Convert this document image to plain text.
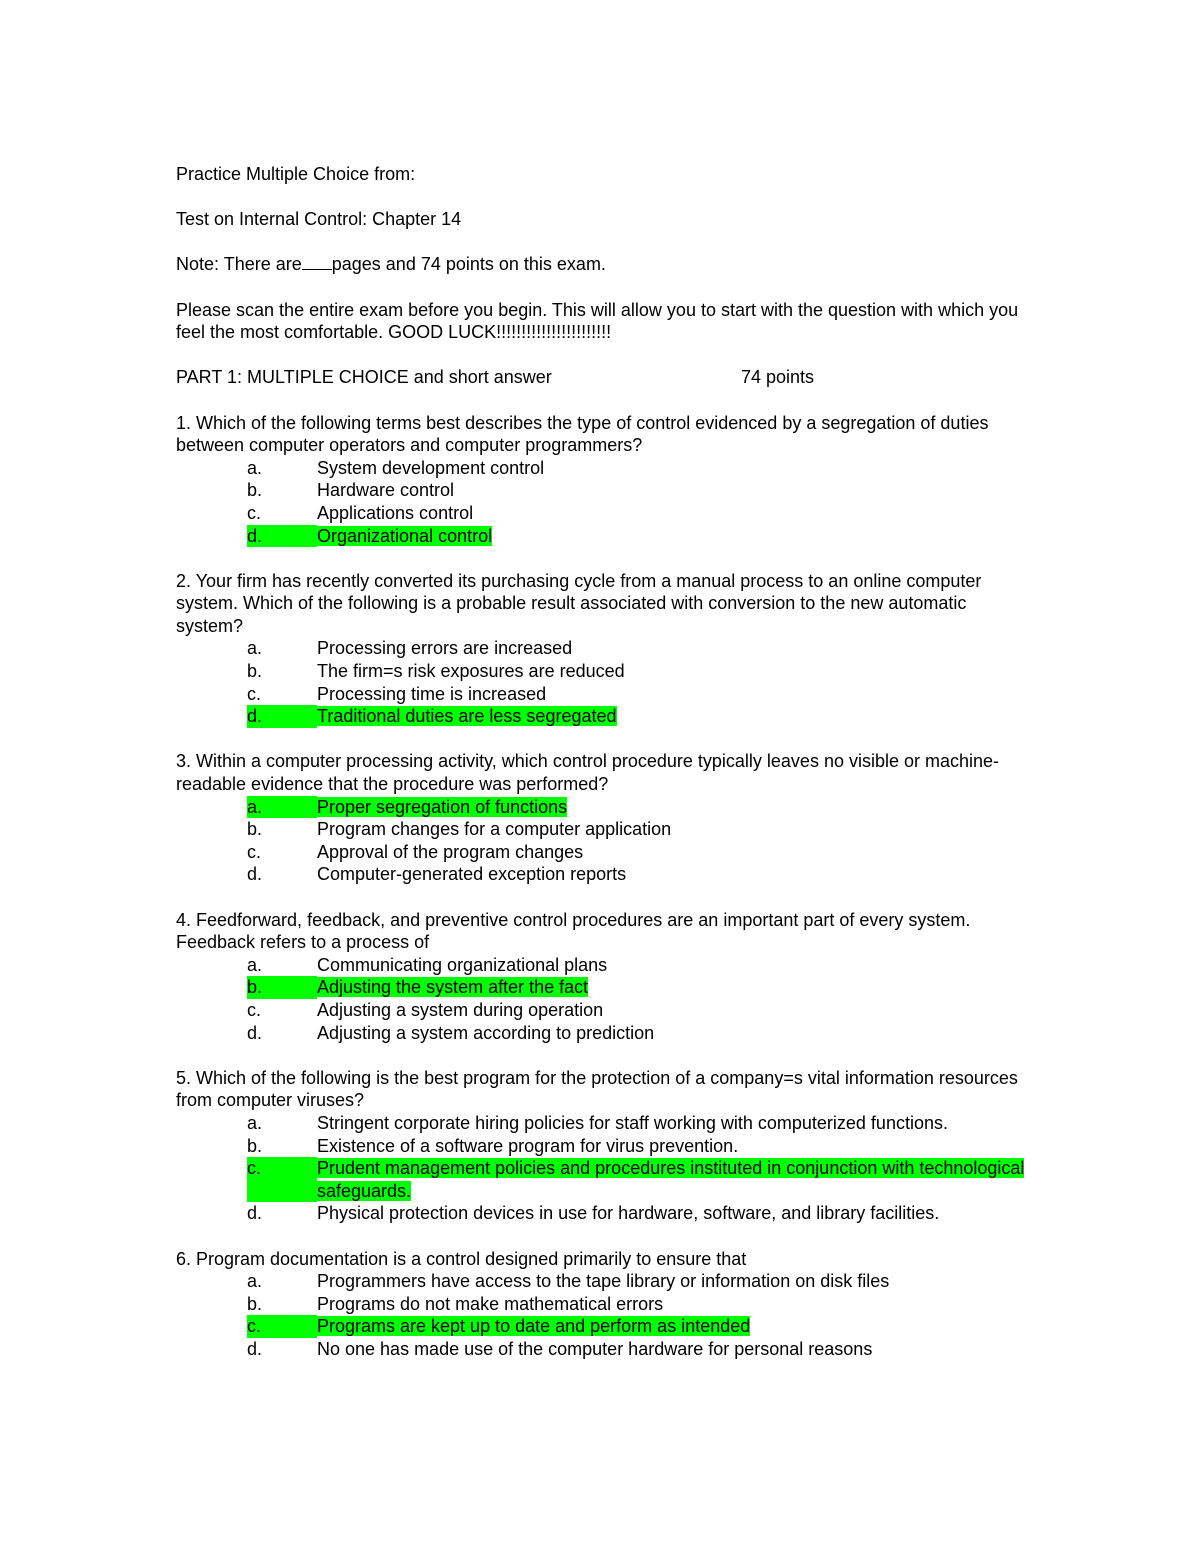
Practice Multiple Choice from:

Test on Internal Control: Chapter 14

Note: There are pages and 74 points on this exam.

Please scan the entire exam before you begin. This will allow you to start with the question with which you feel the most comfortable. GOOD LUCK!!!!!!!!!!!!!!!!!!!!!!!

PART 1: MULTIPLE CHOICE and short answer	74 points

1. Which of the following terms best describes the type of control evidenced by a segregation of duties between computer operators and computer programmers?

a.	System development control
b.	Hardware control
c.	Applications control
d.	Organizational control

2. Your firm has recently converted its purchasing cycle from a manual process to an online computer system. Which of the following is a probable result associated with conversion to the new automatic system?

a.	Processing errors are increased
b.	The firm=s risk exposures are reduced
c.	Processing time is increased
d.	Traditional duties are less segregated

3. Within a computer processing activity, which control procedure typically leaves no visible or machine-readable evidence that the procedure was performed?

a.	Proper segregation of functions
b.	Program changes for a computer application
c.	Approval of the program changes
d.	Computer-generated exception reports

4. Feedforward, feedback, and preventive control procedures are an important part of every system. Feedback refers to a process of

a.	Communicating organizational plans
b.	Adjusting the system after the fact
c.	Adjusting a system during operation
d.	Adjusting a system according to prediction

5. Which of the following is the best program for the protection of a company=s vital information resources from computer viruses?

a.	Stringent corporate hiring policies for staff working with computerized functions.
b.	Existence of a software program for virus prevention.
c.	Prudent management policies and procedures instituted in conjunction with technological safeguards.
d.	Physical protection devices in use for hardware, software, and library facilities.

6. Program documentation is a control designed primarily to ensure that

a.	Programmers have access to the tape library or information on disk files
b.	Programs do not make mathematical errors
c.	Programs are kept up to date and perform as intended
d.	No one has made use of the computer hardware for personal reasons
